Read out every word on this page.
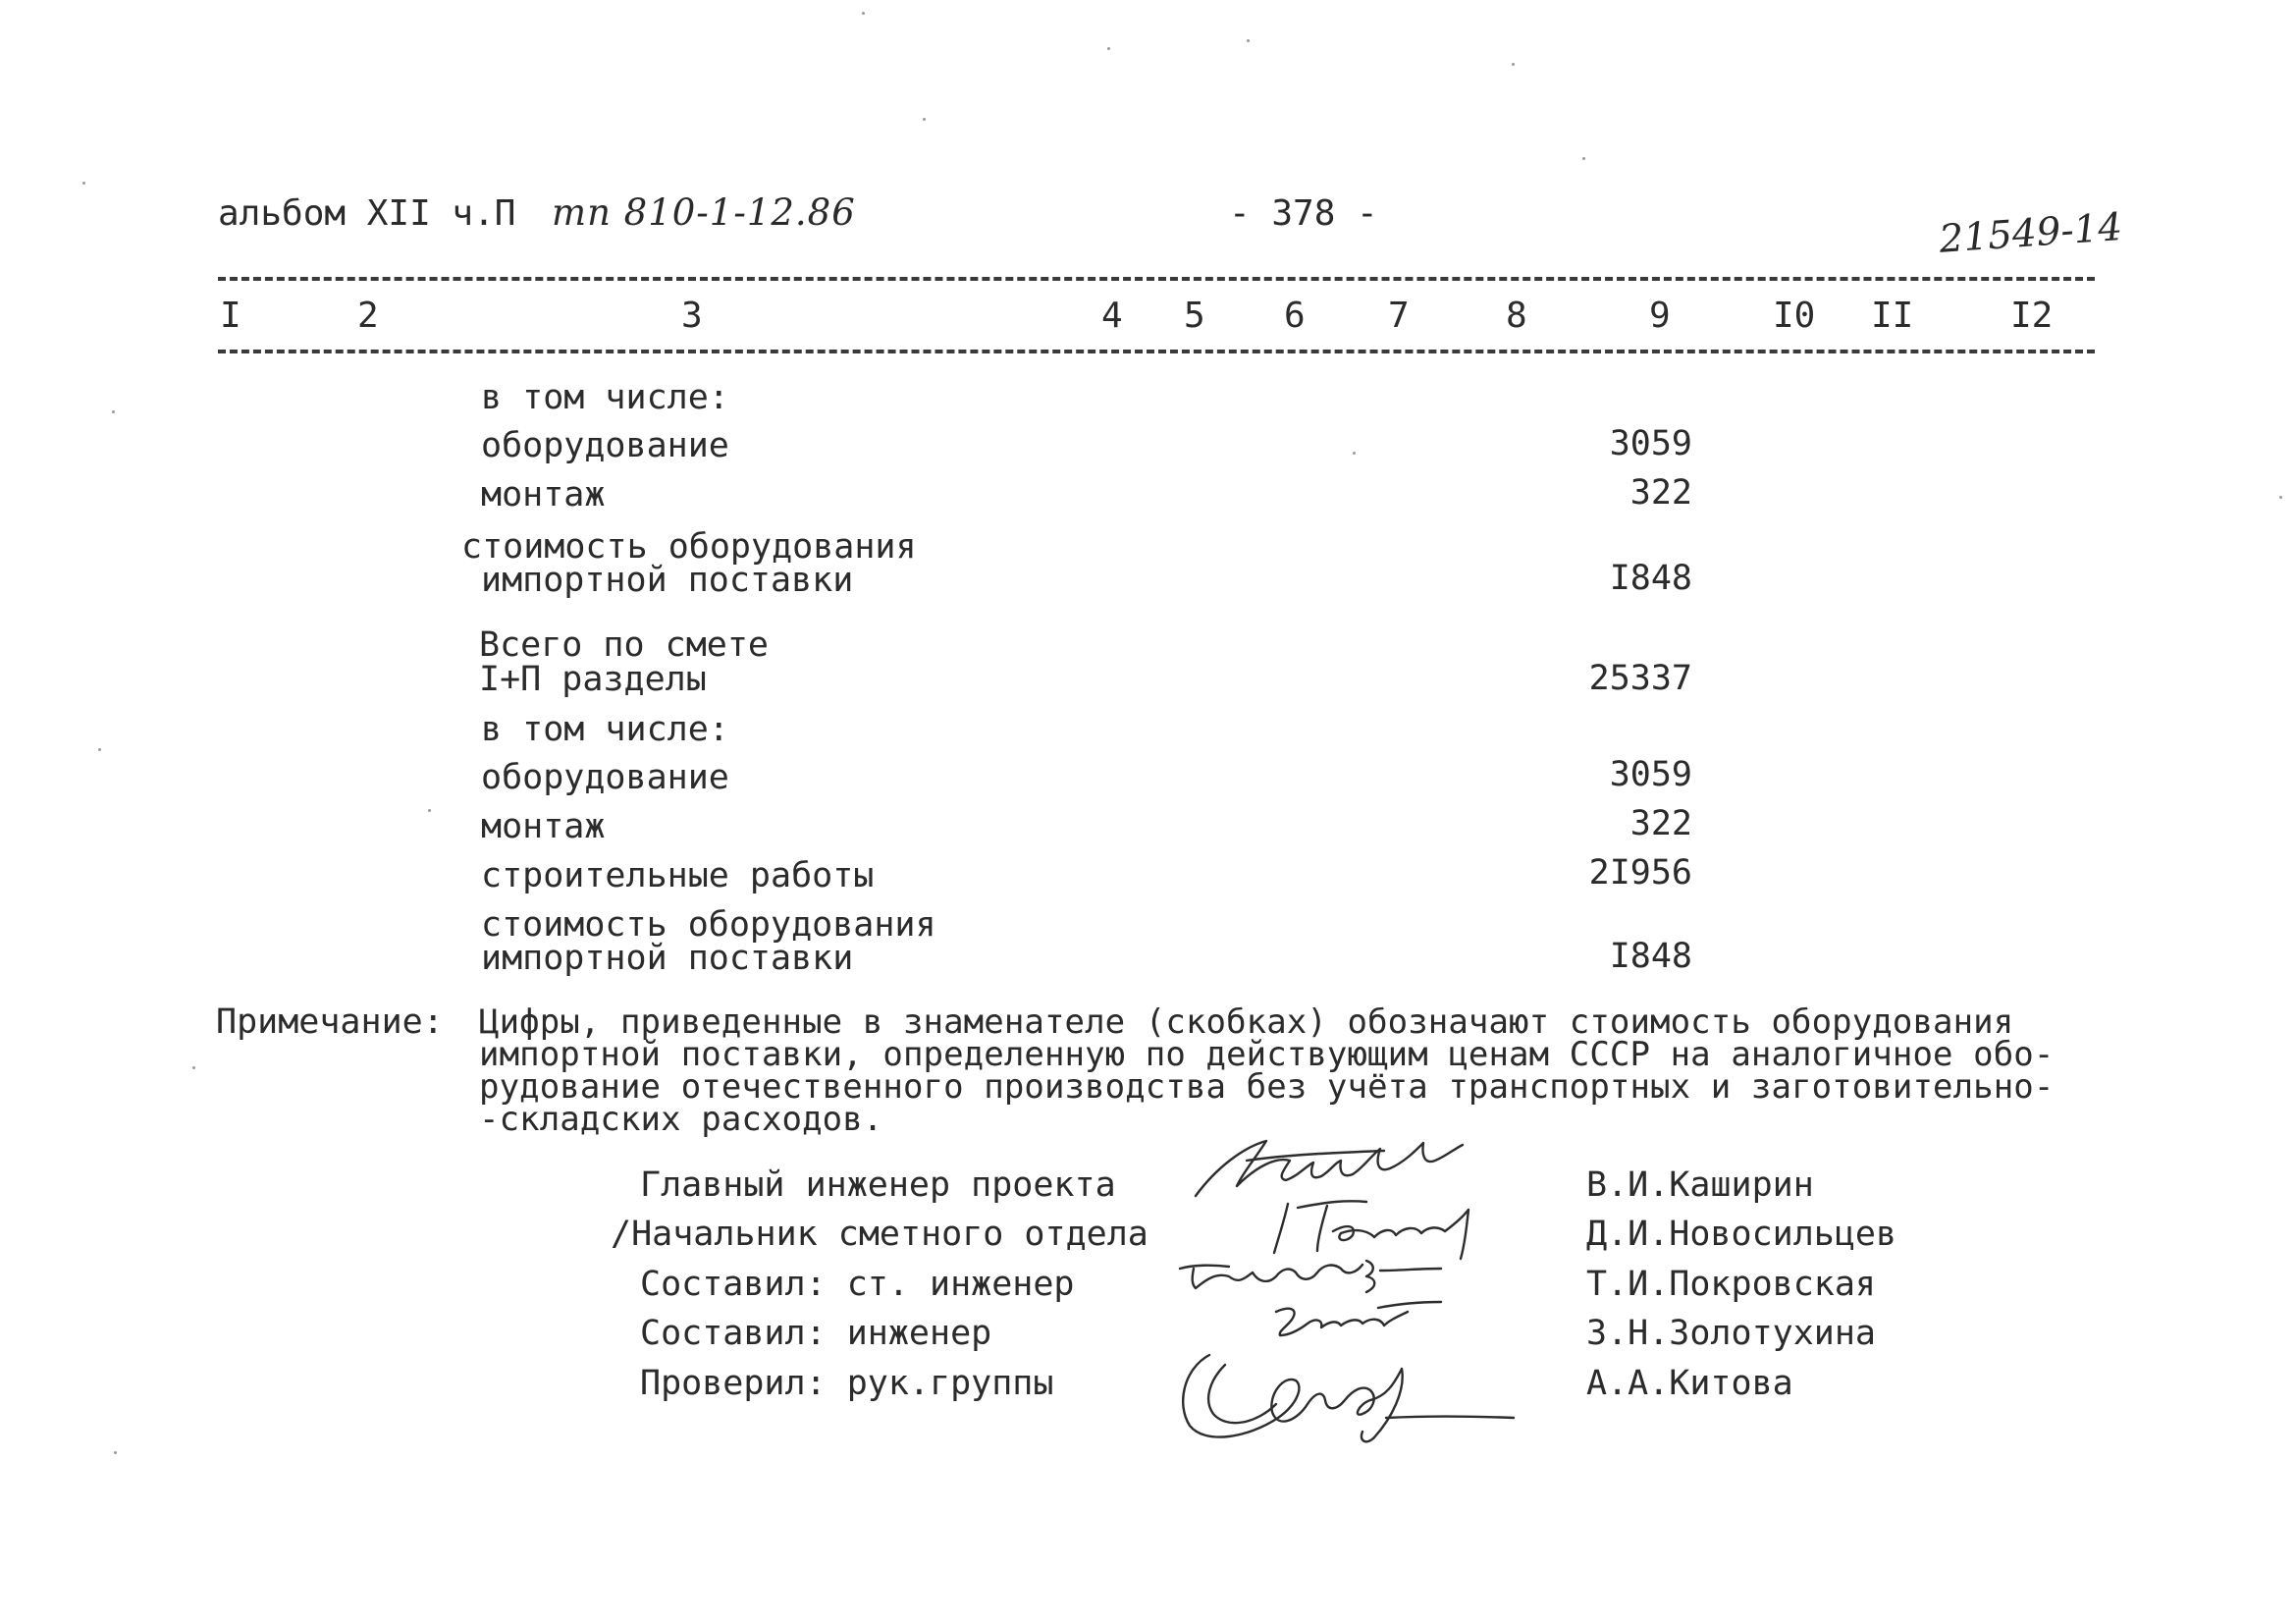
альбом XII ч.П тп 810-1-12.86	- 378 -	21549-14
I	2	3	4 5 6 7	8	9	I0 II	I2
в том числе:
оборудование	3059
монтаж	322
стоимость оборудования
импортной поставки	I848
Всего по смете
I+П разделы	25337
в том числе:
оборудование	3059
монтаж	322
строительные работы	2I956
стоимость оборудования
импортной поставки	I848
Примечание: Цифры, приведенные в знаменателе (скобках) обозначают стоимость оборудования
импортной поставки, определенную по действующим ценам СССР на аналогичное обо-
рудование отечественного производства без учёта транспортных и заготовительно-
-складских расходов.
Главный инженер проекта	В.И.Каширин
/Начальник сметного отдела	Д.И.Новосильцев
Составил: ст. инженер	Т.И.Покровская
Составил: инженер	З.Н.Золотухина
Проверил: рук.группы	А.А.Китова
